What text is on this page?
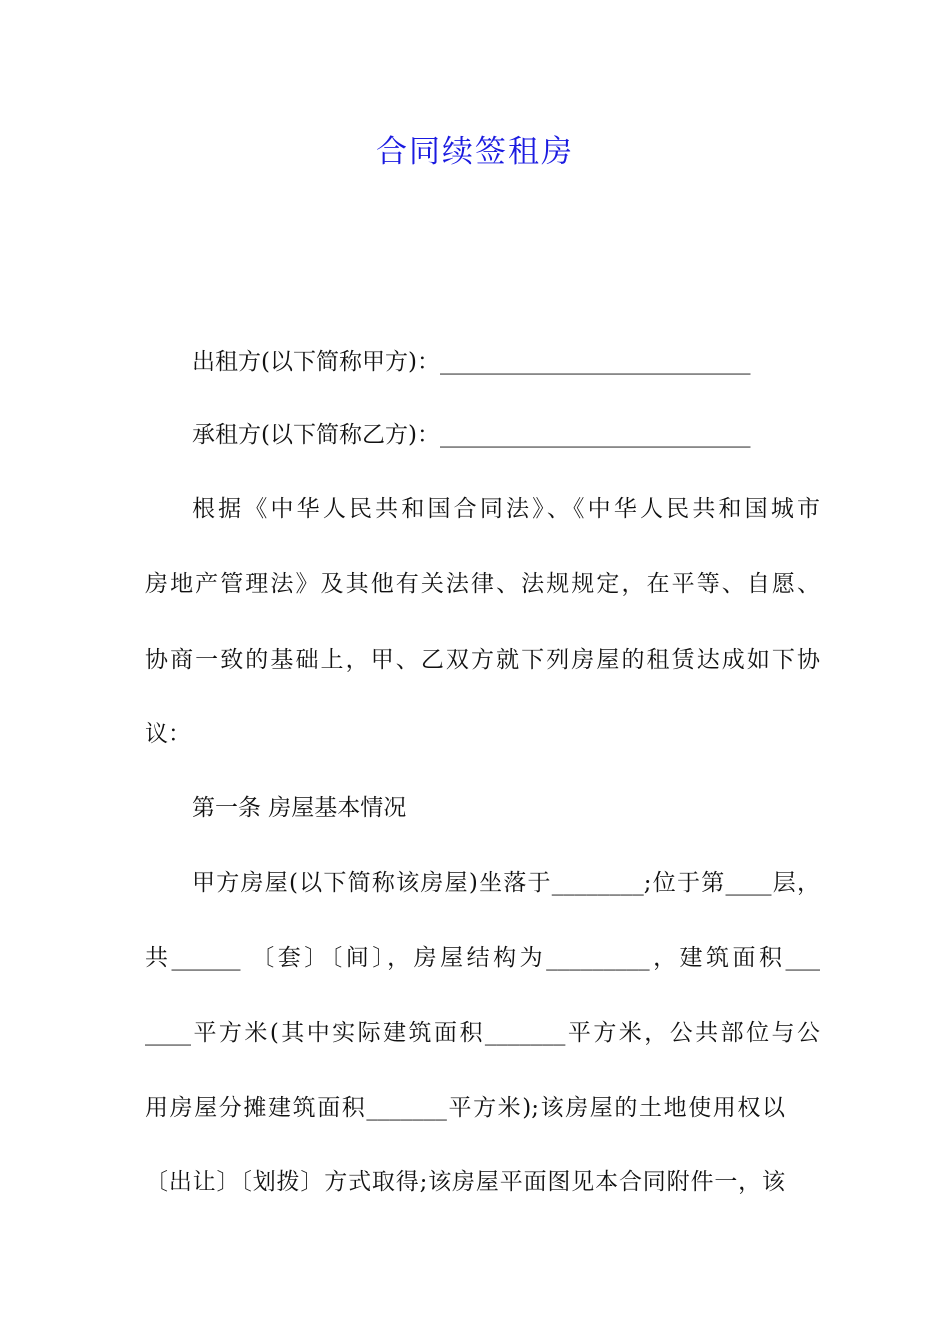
合同续签租房
出租方(以下简称甲方)：___________________________
承租方(以下简称乙方)：___________________________
根据《中华人民共和国合同法》、《中华人民共和国城市
房地产管理法》及其他有关法律、法规规定，在平等、自愿、
协商一致的基础上，甲、乙双方就下列房屋的租赁达成如下协
议：
第一条 房屋基本情况
甲方房屋(以下简称该房屋)坐落于________;位于第____层，
共______ 〔套〕〔间〕，房屋结构为_________，建筑面积___
____平方米(其中实际建筑面积_______平方米，公共部位与公
用房屋分摊建筑面积_______平方米);该房屋的土地使用权以
〔出让〕〔划拨〕方式取得;该房屋平面图见本合同附件一，该
